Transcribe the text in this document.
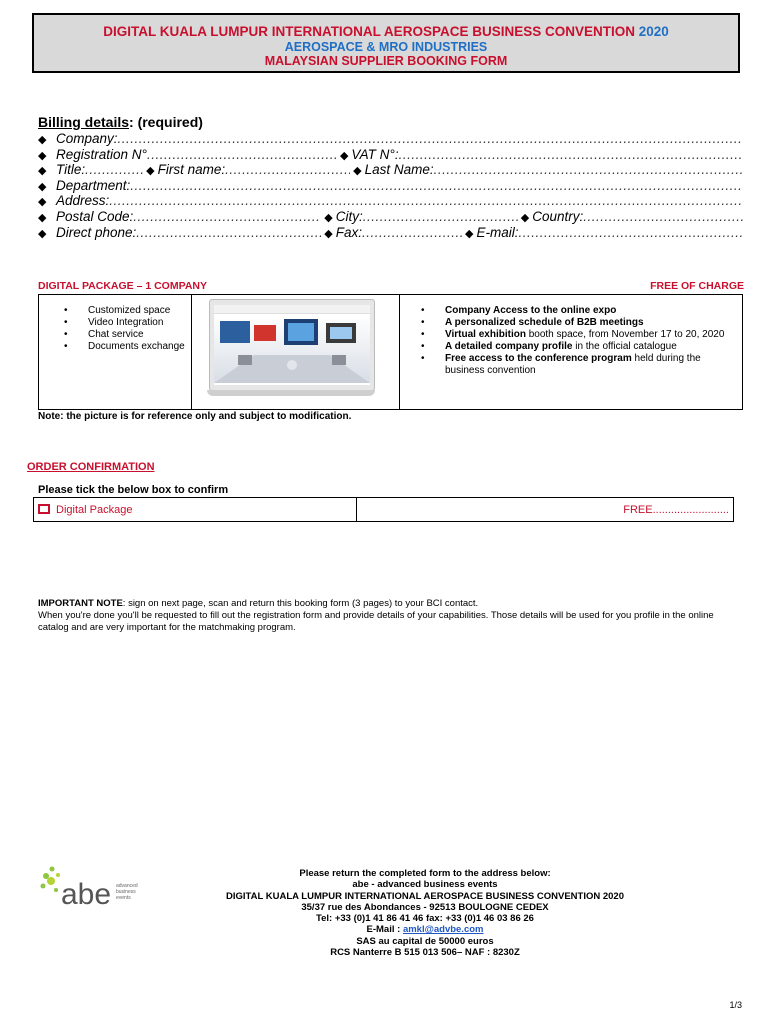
DIGITAL KUALA LUMPUR INTERNATIONAL AEROSPACE BUSINESS CONVENTION 2020
AEROSPACE & MRO INDUSTRIES
MALAYSIAN SUPPLIER BOOKING FORM
Billing details: (required)
◆ Company:
.....
◆ Registration N° .....	◆ VAT N°:
.....
◆ Title: .....	◆ First name: .....	◆ Last Name:
.....
◆ Department:
.....
◆ Address:
.....
◆ Postal Code: .....	◆ City: .....	◆ Country:
.....
◆ Direct phone: .....	◆ Fax: .....	◆ E-mail:
.....
DIGITAL PACKAGE – 1 COMPANY	FREE OF CHARGE
• Customized space
• Video Integration
• Chat service
• Documents exchange

• Company Access to the online expo
• A personalized schedule of B2B meetings
• Virtual exhibition booth space, from November 17 to 20, 2020
• A detailed company profile in the official catalogue
• Free access to the conference program held during the business convention
Note: the picture is for reference only and subject to modification.
ORDER CONFIRMATION
Please tick the below box to confirm
Digital Package	FREE.........................
IMPORTANT NOTE: sign on next page, scan and return this booking form (3 pages) to your BCI contact.
When you're done you'll be requested to fill out the registration form and provide details of your capabilities. Those details will be used for you profile in the online catalog and are very important for the matchmaking program.
abe advanced
business
events
Please return the completed form to the address below:
abe - advanced business events
DIGITAL KUALA LUMPUR INTERNATIONAL AEROSPACE BUSINESS CONVENTION 2020
35/37 rue des Abondances - 92513 BOULOGNE CEDEX
Tel: +33 (0)1 41 86 41 46 fax: +33 (0)1 46 03 86 26
E-Mail : amkl@advbe.com
SAS au capital de 50000 euros
RCS Nanterre B 515 013 506– NAF : 8230Z
1/3
